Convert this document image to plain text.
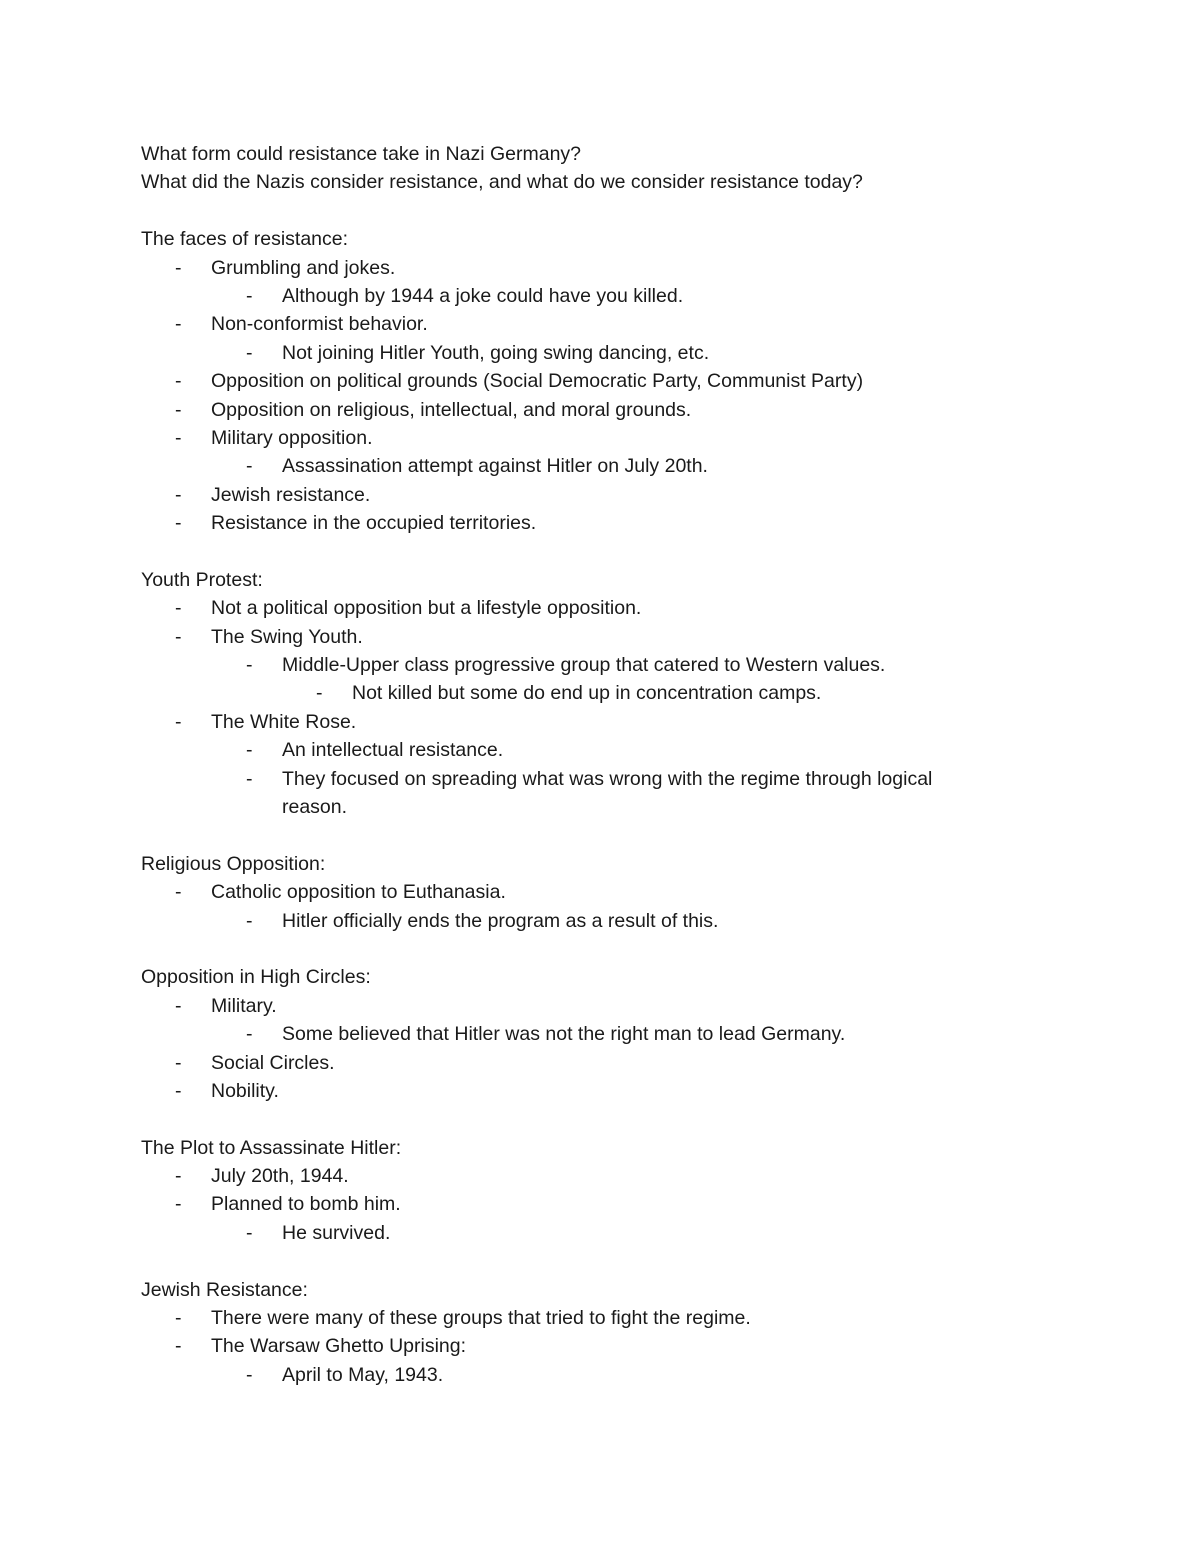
What form could resistance take in Nazi Germany?
What did the Nazis consider resistance, and what do we consider resistance today?
The faces of resistance:
- Grumbling and jokes.
- Although by 1944 a joke could have you killed.
- Non-conformist behavior.
- Not joining Hitler Youth, going swing dancing, etc.
- Opposition on political grounds (Social Democratic Party, Communist Party)
- Opposition on religious, intellectual, and moral grounds.
- Military opposition.
- Assassination attempt against Hitler on July 20th.
- Jewish resistance.
- Resistance in the occupied territories.
Youth Protest:
- Not a political opposition but a lifestyle opposition.
- The Swing Youth.
- Middle-Upper class progressive group that catered to Western values.
- Not killed but some do end up in concentration camps.
- The White Rose.
- An intellectual resistance.
- They focused on spreading what was wrong with the regime through logical
reason.
Religious Opposition:
- Catholic opposition to Euthanasia.
- Hitler officially ends the program as a result of this.
Opposition in High Circles:
- Military.
- Some believed that Hitler was not the right man to lead Germany.
- Social Circles.
- Nobility.
The Plot to Assassinate Hitler:
- July 20th, 1944.
- Planned to bomb him.
- He survived.
Jewish Resistance:
- There were many of these groups that tried to fight the regime.
- The Warsaw Ghetto Uprising:
- April to May, 1943.
